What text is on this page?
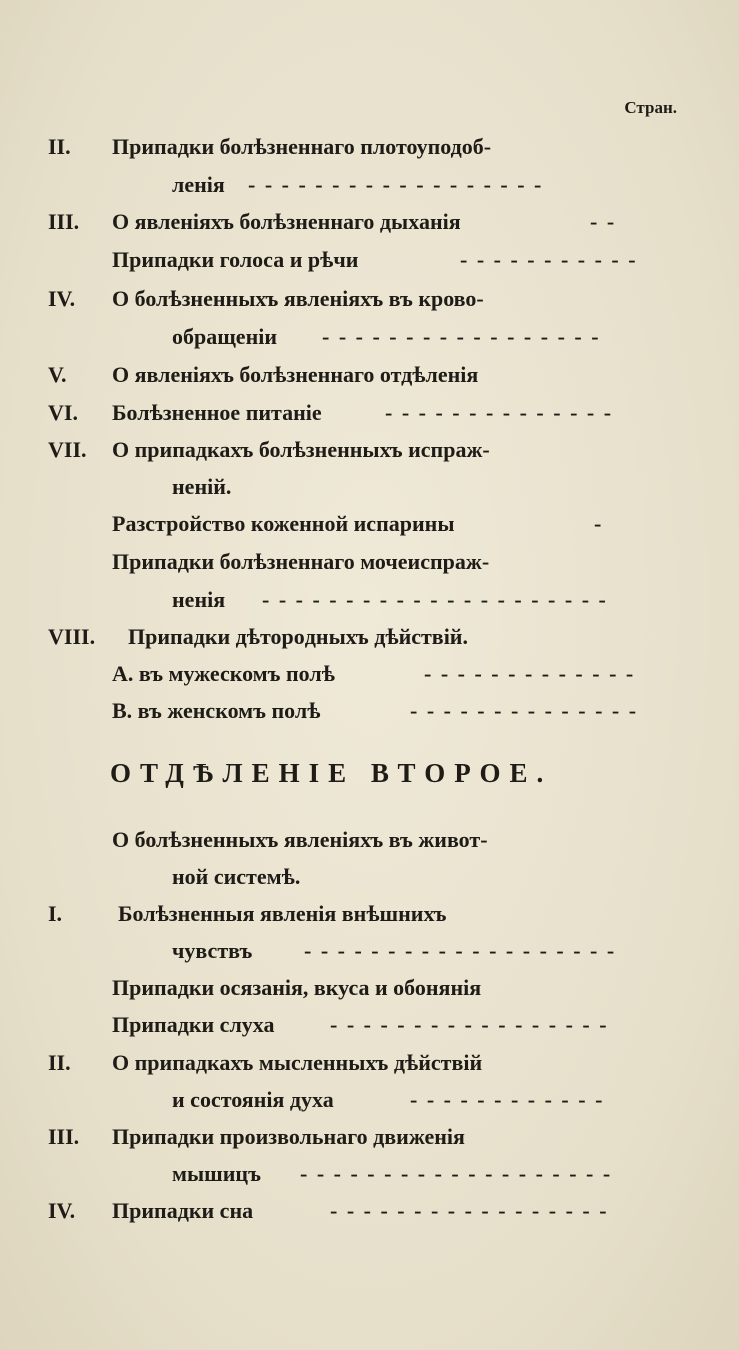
Стран.
ОТДѢЛЕНІЕ ВТОРОЕ.
II. Припадки болѣзненнаго плотоуподоб-
ленія - - - - - - - - - - - - - - - - - -
III. О явленіяхъ болѣзненнаго дыханія	- -
Припадки голоса и рѣчи	- - - - - - - - - - -
IV. О болѣзненныхъ явленіяхъ въ крово-
обращеніи - - - - - - - - - - - - - - - - -
V. О явленіяхъ болѣзненнаго отдѣленія
VI. Болѣзненное питаніе	- - - - - - - - - - - - - -
VII. О припадкахъ болѣзненныхъ испраж-
неній.
Разстройство коженной испарины	-
Припадки болѣзненнаго мочеиспраж-
ненія - - - - - - - - - - - - - - - - - - - - -
VIII. Припадки дѣторoдныхъ дѣйствій.
А. въ мужескомъ полѣ	- - - - - - - - - - - - -
В. въ женскомъ полѣ	- - - - - - - - - - - - - -
О болѣзненныхъ явленіяхъ въ живот-
ной системѣ.
I.	Болѣзненныя явленія внѣшнихъ
чувствъ - - - - - - - - - - - - - - - - - - -
Припадки осязанія, вкуса и обонянія
Припадки слуха	- - - - - - - - - - - - - - - - -
II. О припадкахъ мысленныхъ дѣйствій
и состоянія духа	- - - - - - - - - - - -
III. Припадки произвольнаго движенія
мышицъ - - - - - - - - - - - - - - - - - - -
IV. Припадки сна	- - - - - - - - - - - - - - - - -
